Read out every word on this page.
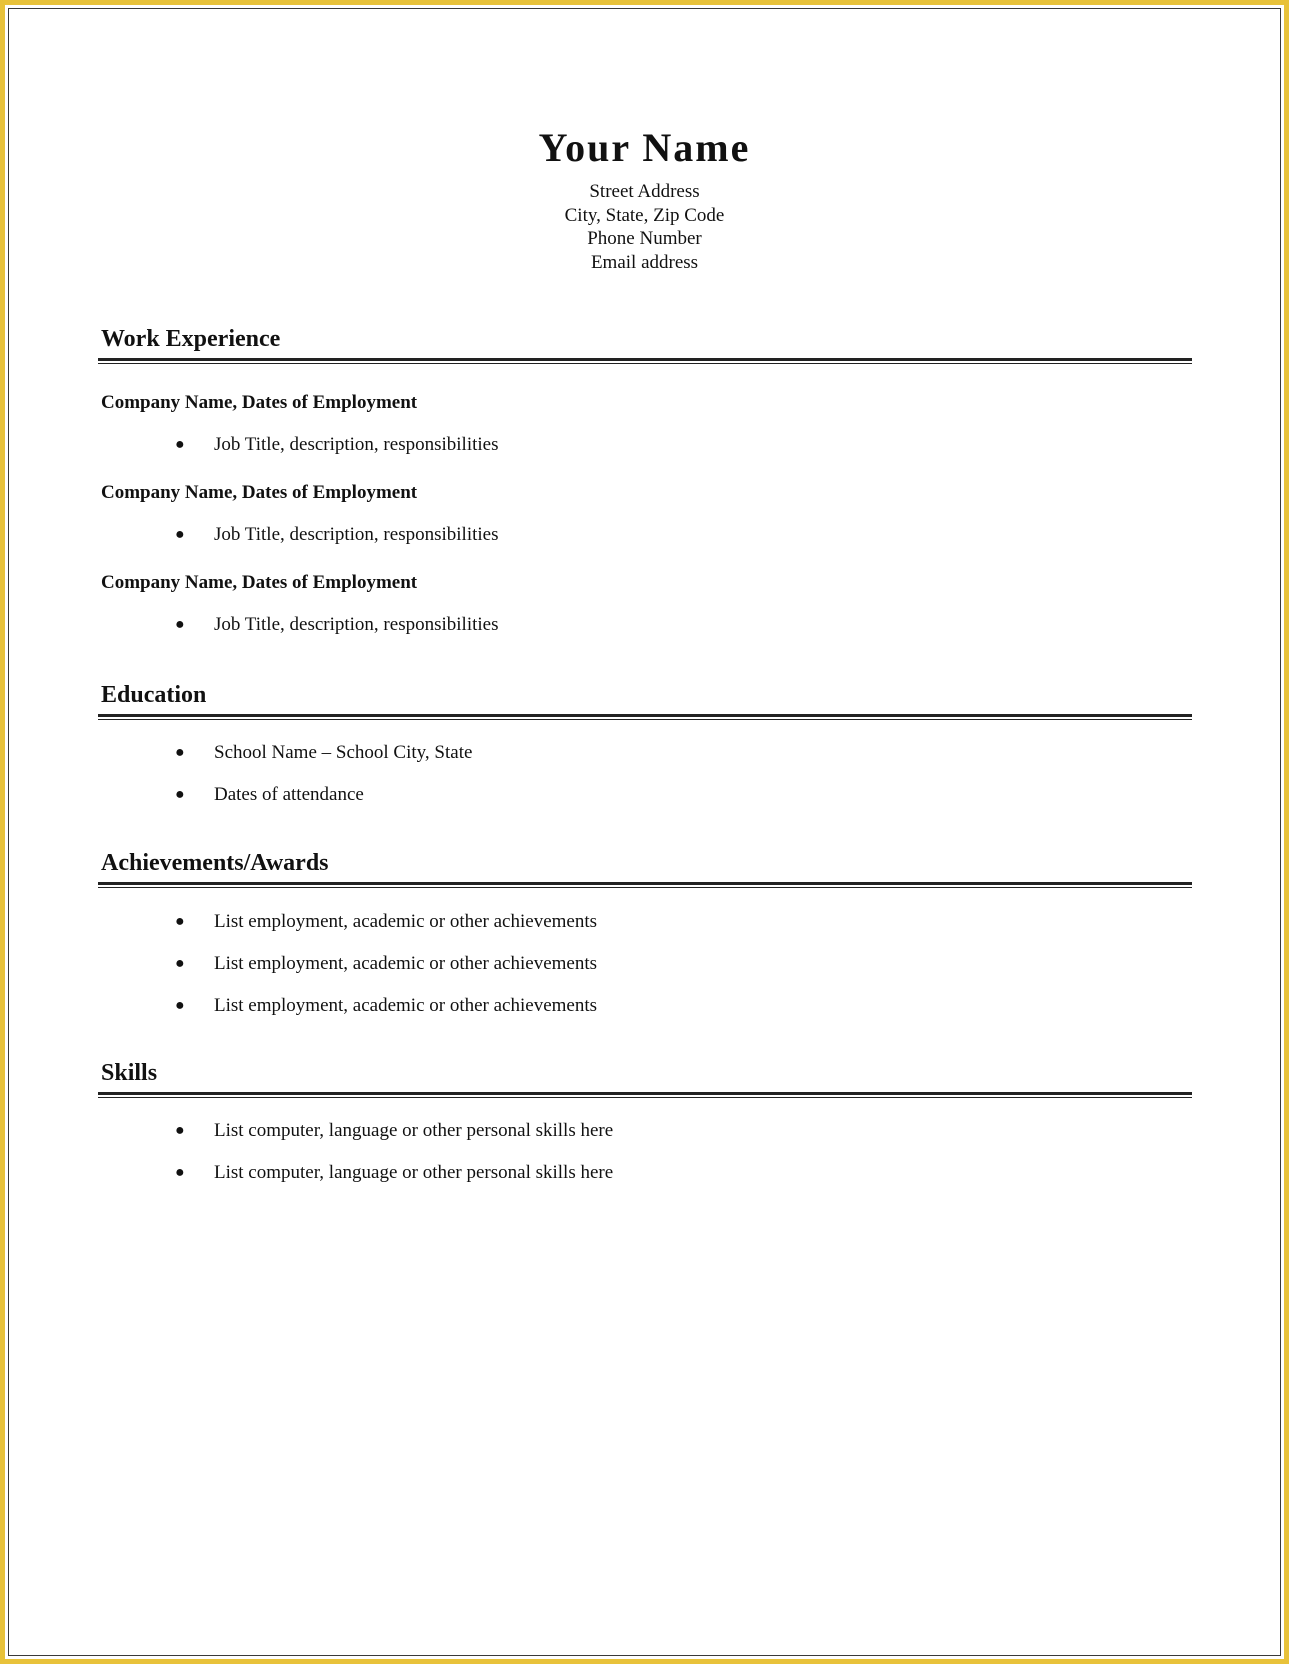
Your Name
Street Address
City, State, Zip Code
Phone Number
Email address
Work Experience
Company Name, Dates of Employment
● Job Title, description, responsibilities
Company Name, Dates of Employment
● Job Title, description, responsibilities
Company Name, Dates of Employment
● Job Title, description, responsibilities
Education
● School Name – School City, State
● Dates of attendance
Achievements/Awards
● List employment, academic or other achievements
● List employment, academic or other achievements
● List employment, academic or other achievements
Skills
● List computer, language or other personal skills here
● List computer, language or other personal skills here
